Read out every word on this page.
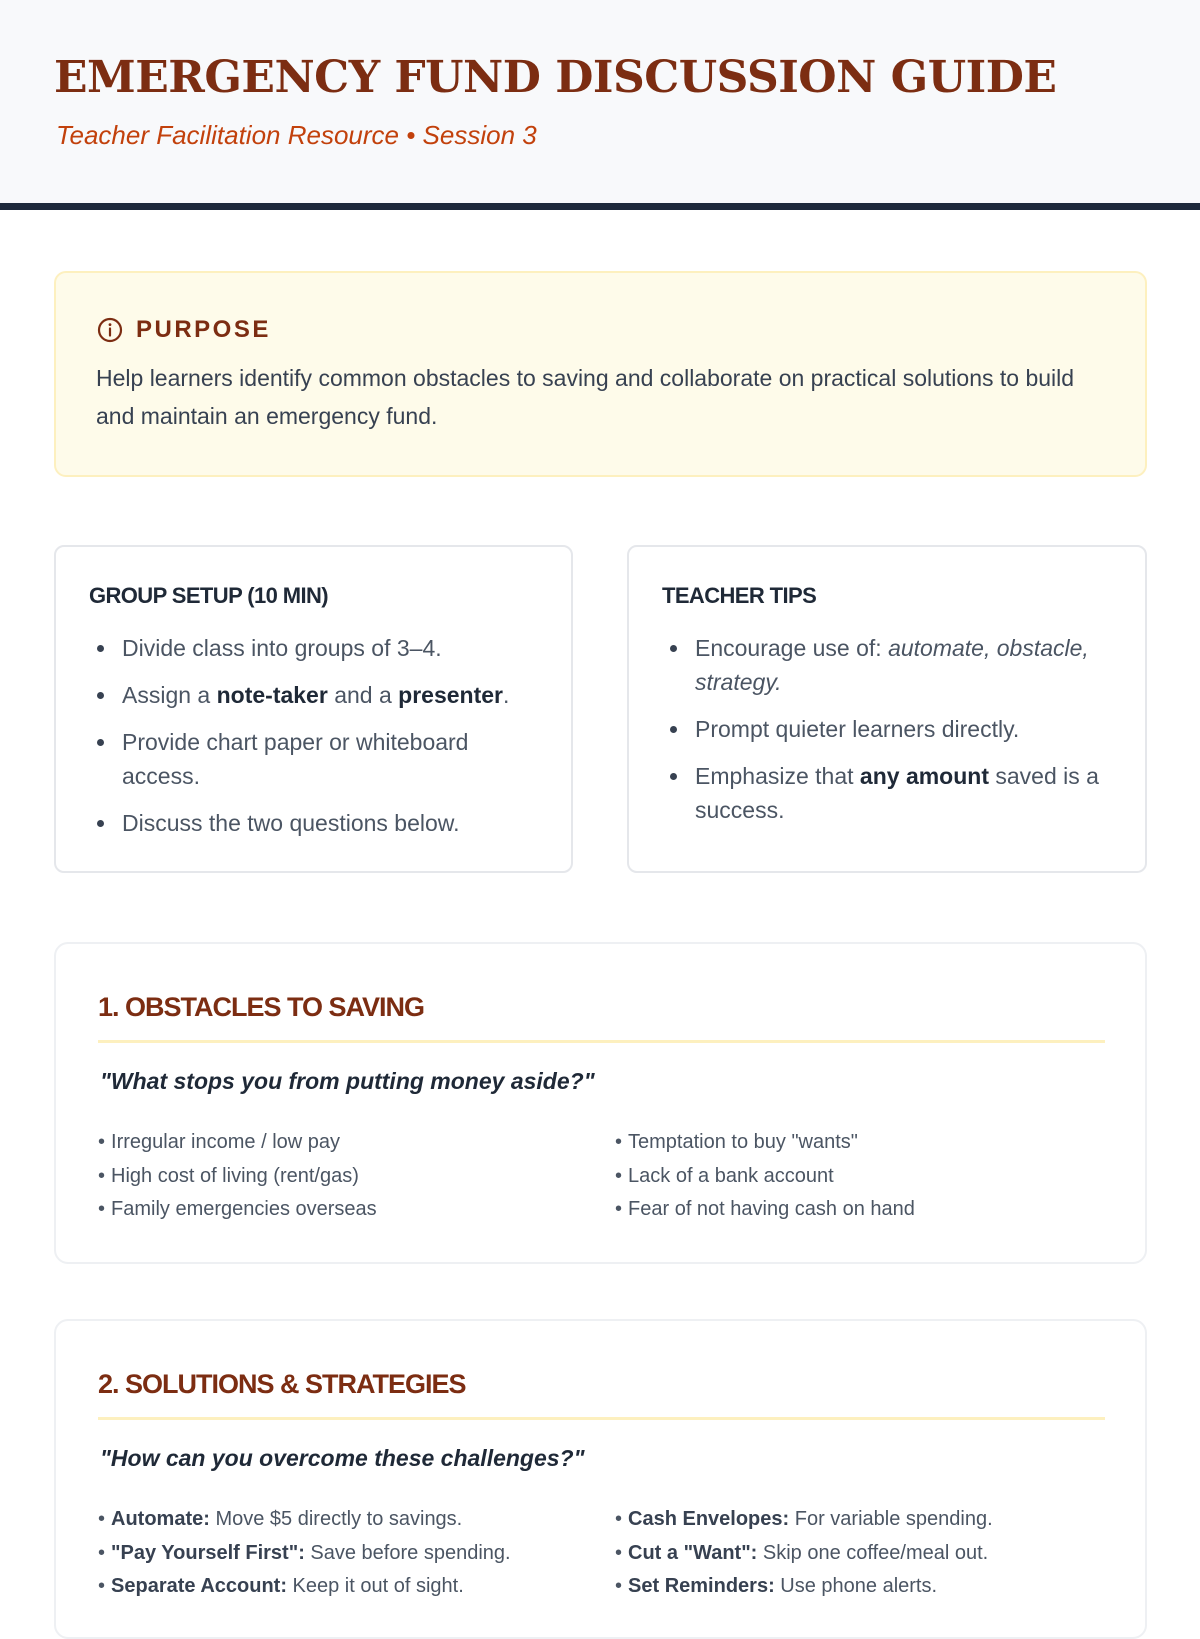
EMERGENCY FUND DISCUSSION GUIDE
Teacher Facilitation Resource • Session 3
PURPOSE
Help learners identify common obstacles to saving and collaborate on practical solutions to build and maintain an emergency fund.
GROUP SETUP (10 MIN)
Divide class into groups of 3–4.
Assign a note-taker and a presenter.
Provide chart paper or whiteboard access.
Discuss the two questions below.
TEACHER TIPS
Encourage use of: automate, obstacle, strategy.
Prompt quieter learners directly.
Emphasize that any amount saved is a success.
1. OBSTACLES TO SAVING
"What stops you from putting money aside?"
• Irregular income / low pay
• High cost of living (rent/gas)
• Family emergencies overseas
• Temptation to buy "wants"
• Lack of a bank account
• Fear of not having cash on hand
2. SOLUTIONS & STRATEGIES
"How can you overcome these challenges?"
• Automate: Move $5 directly to savings.
• "Pay Yourself First": Save before spending.
• Separate Account: Keep it out of sight.
• Cash Envelopes: For variable spending.
• Cut a "Want": Skip one coffee/meal out.
• Set Reminders: Use phone alerts.
